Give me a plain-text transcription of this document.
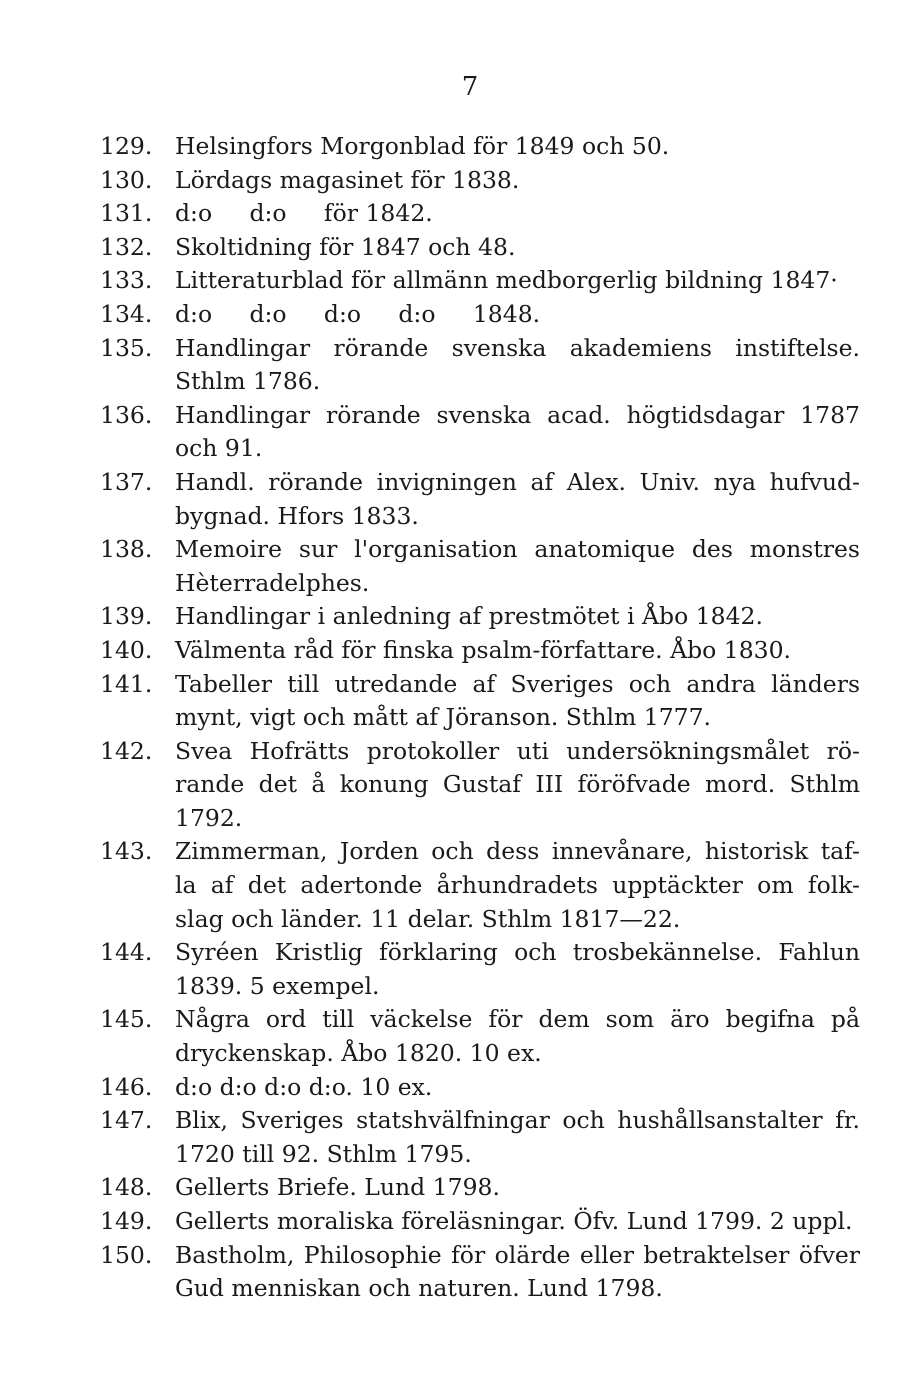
7
129. Helsingfors Morgonblad för 1849 och 50.
130. Lördags magasinet för 1838.
131. d:o     d:o     för 1842.
132. Skoltidning för 1847 och 48.
133. Litteraturblad för allmänn medborgerlig bildning 1847·
134. d:o     d:o     d:o     d:o     1848.
135. Handlingar rörande svenska akademiens instiftelse.
Sthlm 1786.
136. Handlingar rörande svenska acad. högtidsdagar 1787
och 91.
137. Handl. rörande invigningen af Alex. Univ. nya hufvud-
bygnad. Hfors 1833.
138. Memoire sur l'organisation anatomique des monstres
Hèterradelphes.
139. Handlingar i anledning af prestmötet i Åbo 1842.
140. Välmenta råd för finska psalm-författare. Åbo 1830.
141. Tabeller till utredande af Sveriges och andra länders
mynt, vigt och mått af Jöranson. Sthlm 1777.
142. Svea Hofrätts protokoller uti undersökningsmålet rö-
rande det å konung Gustaf III föröfvade mord. Sthlm
1792.
143. Zimmerman, Jorden och dess innevånare, historisk taf-
la af det adertonde århundradets upptäckter om folk-
slag och länder. 11 delar. Sthlm 1817—22.
144. Syréen Kristlig förklaring och trosbekännelse. Fahlun
1839. 5 exempel.
145. Några ord till väckelse för dem som äro begifna på
dryckenskap. Åbo 1820. 10 ex.
146. d:o d:o d:o d:o. 10 ex.
147. Blix, Sveriges statshvälfningar och hushållsanstalter fr.
1720 till 92. Sthlm 1795.
148. Gellerts Briefe. Lund 1798.
149. Gellerts moraliska föreläsningar. Öfv. Lund 1799. 2 uppl.
150. Bastholm, Philosophie för olärde eller betraktelser öfver
Gud menniskan och naturen. Lund 1798.
